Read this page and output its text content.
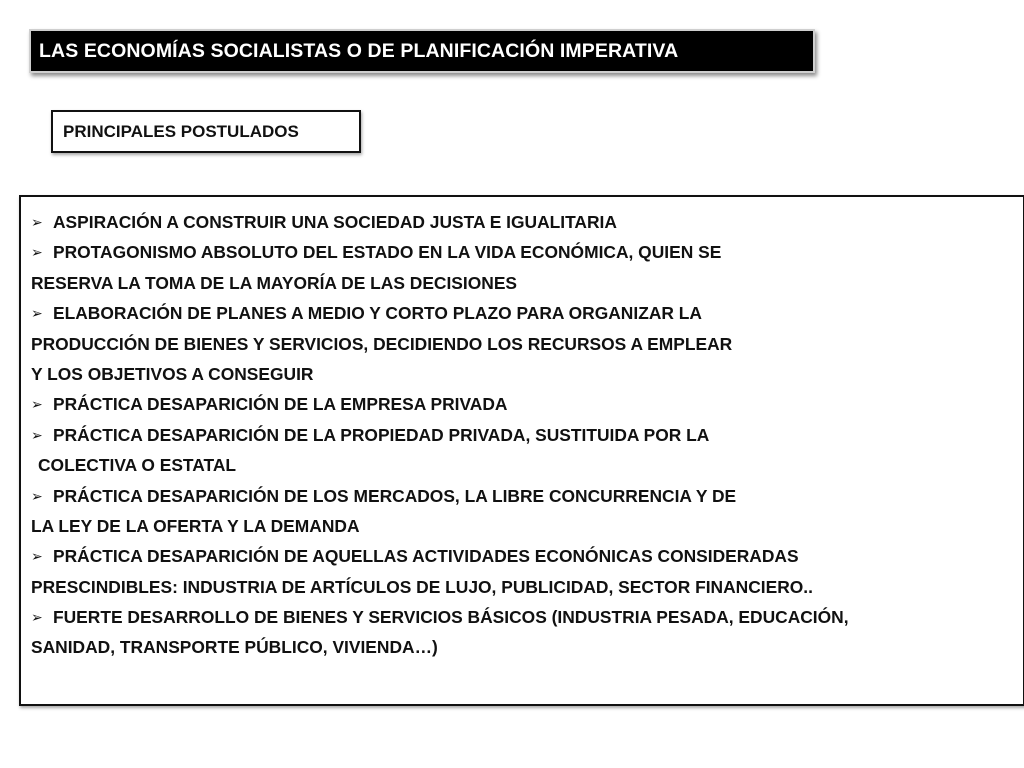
LAS ECONOMÍAS SOCIALISTAS O DE PLANIFICACIÓN IMPERATIVA
PRINCIPALES POSTULADOS
➢ ASPIRACIÓN A CONSTRUIR UNA SOCIEDAD JUSTA E IGUALITARIA
➢ PROTAGONISMO ABSOLUTO DEL ESTADO EN LA VIDA ECONÓMICA, QUIEN SE
RESERVA LA TOMA DE LA MAYORÍA DE LAS DECISIONES
➢ ELABORACIÓN DE PLANES A MEDIO Y CORTO PLAZO PARA ORGANIZAR LA
PRODUCCIÓN DE BIENES Y SERVICIOS, DECIDIENDO LOS RECURSOS A EMPLEAR
Y LOS OBJETIVOS A CONSEGUIR
➢ PRÁCTICA DESAPARICIÓN DE LA EMPRESA PRIVADA
➢ PRÁCTICA DESAPARICIÓN DE LA PROPIEDAD PRIVADA, SUSTITUIDA POR LA
COLECTIVA O ESTATAL
➢ PRÁCTICA DESAPARICIÓN DE LOS MERCADOS, LA LIBRE CONCURRENCIA Y DE
LA LEY DE LA OFERTA Y LA DEMANDA
➢ PRÁCTICA DESAPARICIÓN DE AQUELLAS ACTIVIDADES ECONÓNICAS CONSIDERADAS
PRESCINDIBLES: INDUSTRIA DE ARTÍCULOS DE LUJO, PUBLICIDAD, SECTOR FINANCIERO..
➢ FUERTE DESARROLLO DE BIENES Y SERVICIOS BÁSICOS (INDUSTRIA PESADA, EDUCACIÓN,
SANIDAD, TRANSPORTE PÚBLICO, VIVIENDA…)
